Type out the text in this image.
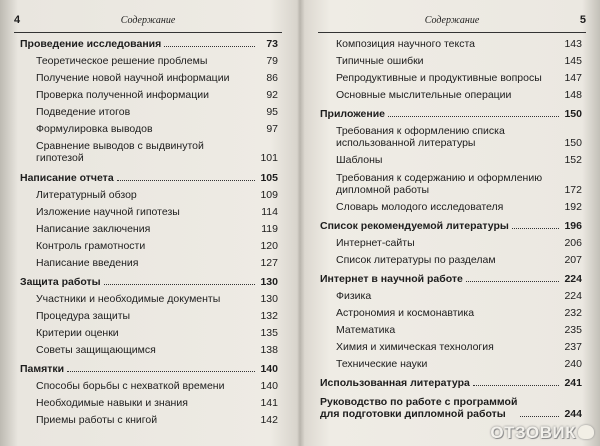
4	Содержание
Проведение исследования	73
Теоретическое решение проблемы	79
Получение новой научной информации	86
Проверка полученной информации	92
Подведение итогов	95
Формулировка выводов	97
Сравнение выводов с выдвинутой
гипотезой	101
Написание отчета	105
Литературный обзор	109
Изложение научной гипотезы	114
Написание заключения	119
Контроль грамотности	120
Написание введения	127
Защита работы	130
Участники и необходимые документы	130
Процедура защиты	132
Критерии оценки	135
Советы защищающимся	138
Памятки	140
Способы борьбы с нехваткой времени	140
Необходимые навыки и знания	141
Приемы работы с книгой	142
Содержание	5
Композиция научного текста	143
Типичные ошибки	145
Репродуктивные и продуктивные вопросы 147
Основные мыслительные операции	148
Приложение	150
Требования к оформлению списка
использованной литературы	150
Шаблоны	152
Требования к содержанию и оформлению
дипломной работы	172
Словарь молодого исследователя	192
Список рекомендуемой литературы	196
Интернет-сайты	206
Список литературы по разделам	207
Интернет в научной работе	224
Физика	224
Астрономия и космонавтика	232
Математика	235
Химия и химическая технология	237
Технические науки	240
Использованная литература	241
Руководство по работе с программой
для подготовки дипломной работы	244
ОТЗОВИК
